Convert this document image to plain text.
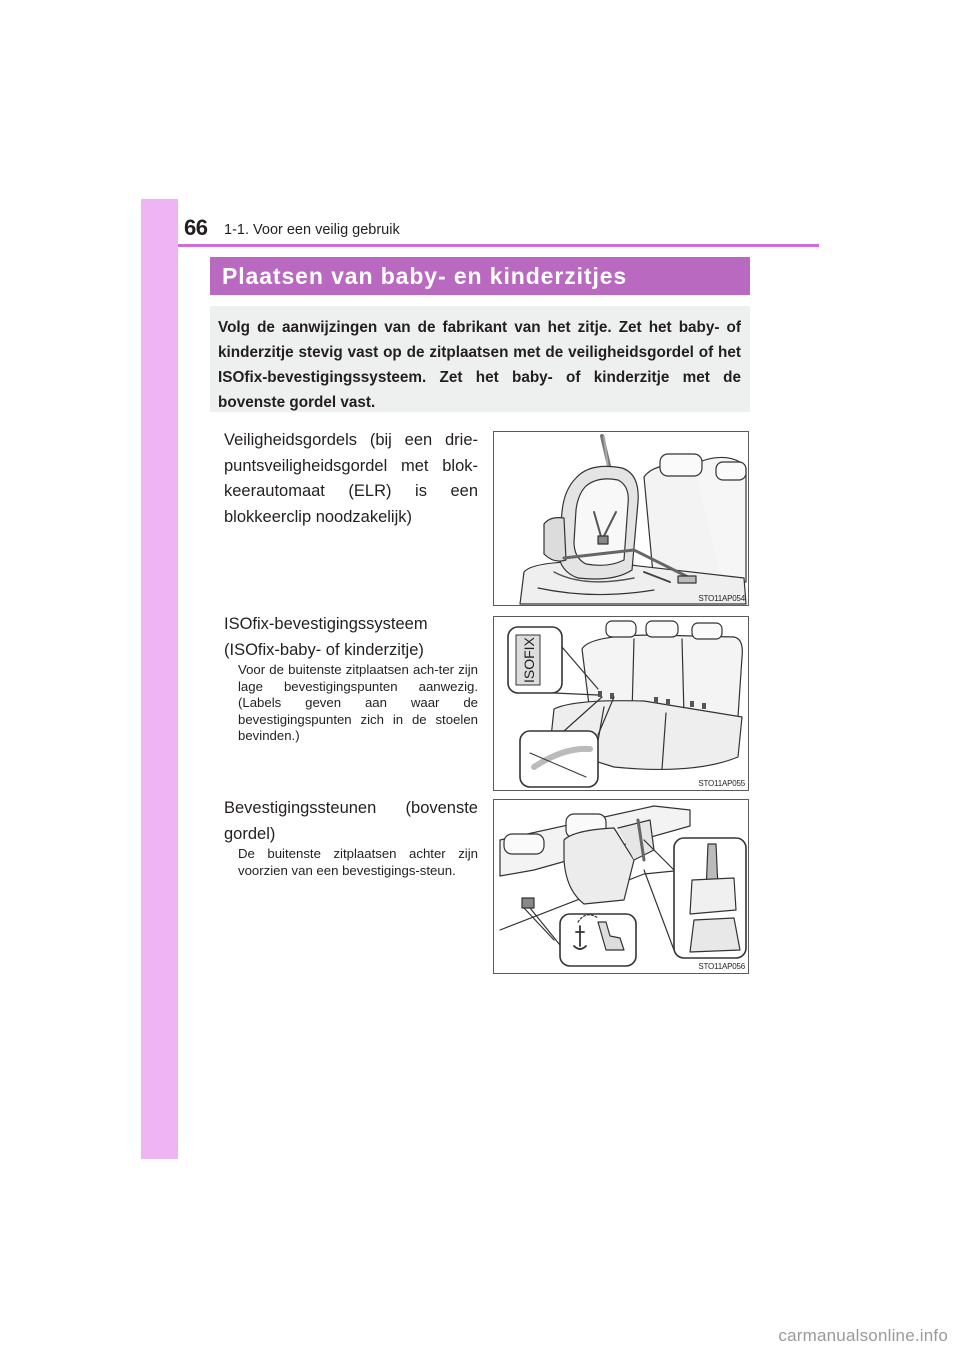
66 1-1. Voor een veilig gebruik
Plaatsen van baby- en kinderzitjes

Volg de aanwijzingen van de fabrikant van het zitje. Zet het baby- of kinderzitje stevig vast op de zitplaatsen met de veiligheidsgordel of het ISOfix-bevestigingssysteem. Zet het baby- of kinderzitje met de bovenste gordel vast.

Veiligheidsgordels (bij een drie-puntsveiligheidsgordel met blok-keerautomaat (ELR) is een blokkeerclip noodzakelijk)
STO11AP054
ISOfix-bevestigingssysteem (ISOfix-baby- of kinderzitje)
Voor de buitenste zitplaatsen ach-ter zijn lage bevestigingspunten aanwezig. (Labels geven aan waar de bevestigingspunten zich in de stoelen bevinden.)
ISOFIX
STO11AP055
Bevestigingssteunen (bovenste gordel)
De buitenste zitplaatsen achter zijn voorzien van een bevestigings-steun.
STO11AP056
carmanualsonline.info
